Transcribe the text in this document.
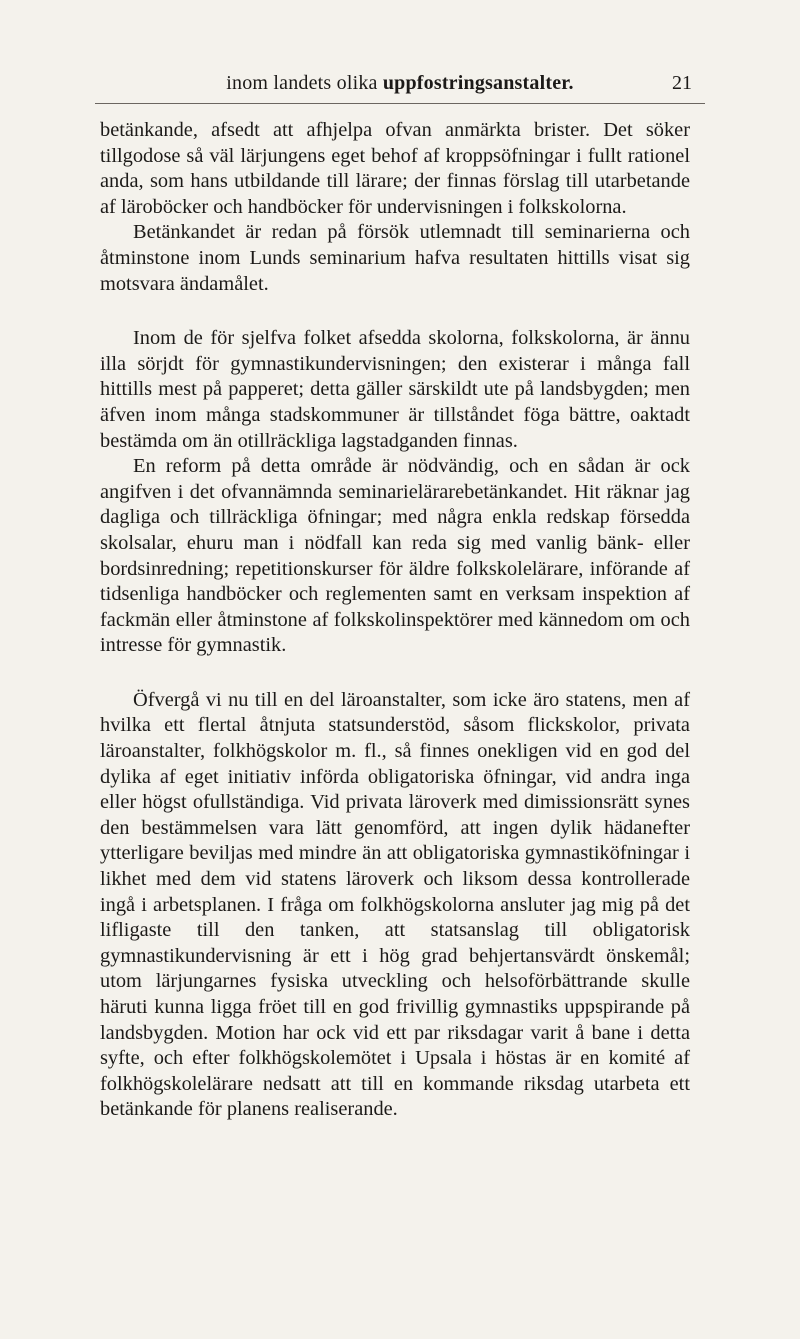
inom landets olika uppfostringsanstalter.	21

betänkande, afsedt att afhjelpa ofvan anmärkta brister. Det söker tillgodose så väl lärjungens eget behof af kroppsöfningar i fullt rationel anda, som hans utbildande till lärare; der finnas förslag till utarbetande af läroböcker och handböcker för undervisningen i folkskolorna.

Betänkandet är redan på försök utlemnadt till seminarierna och åtminstone inom Lunds seminarium hafva resultaten hittills visat sig motsvara ändamålet.

Inom de för sjelfva folket afsedda skolorna, folkskolorna, är ännu illa sörjdt för gymnastikundervisningen; den existerar i många fall hittills mest på papperet; detta gäller särskildt ute på landsbygden; men äfven inom många stadskommuner är tillståndet föga bättre, oaktadt bestämda om än otillräckliga lagstadganden finnas.

En reform på detta område är nödvändig, och en sådan är ock angifven i det ofvannämnda seminarielärarebetänkandet. Hit räknar jag dagliga och tillräckliga öfningar; med några enkla redskap försedda skolsalar, ehuru man i nödfall kan reda sig med vanlig bänk- eller bordsinredning; repetitionskurser för äldre folkskolelärare, införande af tidsenliga handböcker och reglementen samt en verksam inspektion af fackmän eller åtminstone af folkskolinspektörer med kännedom om och intresse för gymnastik.

Öfvergå vi nu till en del läroanstalter, som icke äro statens, men af hvilka ett flertal åtnjuta statsunderstöd, såsom flickskolor, privata läroanstalter, folkhögskolor m. fl., så finnes onekligen vid en god del dylika af eget initiativ införda obligatoriska öfningar, vid andra inga eller högst ofullständiga. Vid privata läroverk med dimissionsrätt synes den bestämmelsen vara lätt genomförd, att ingen dylik hädanefter ytterligare beviljas med mindre än att obligatoriska gymnastiköfningar i likhet med dem vid statens läroverk och liksom dessa kontrollerade ingå i arbetsplanen. I fråga om folkhögskolorna ansluter jag mig på det lifligaste till den tanken, att statsanslag till obligatorisk gymnastikundervisning är ett i hög grad behjertansvärdt önskemål; utom lärjungarnes fysiska utveckling och helsoförbättrande skulle häruti kunna ligga fröet till en god frivillig gymnastiks uppspirande på landsbygden. Motion har ock vid ett par riksdagar varit å bane i detta syfte, och efter folkhögskolemötet i Upsala i höstas är en komité af folkhögskolelärare nedsatt att till en kommande riksdag utarbeta ett betänkande för planens realiserande.
